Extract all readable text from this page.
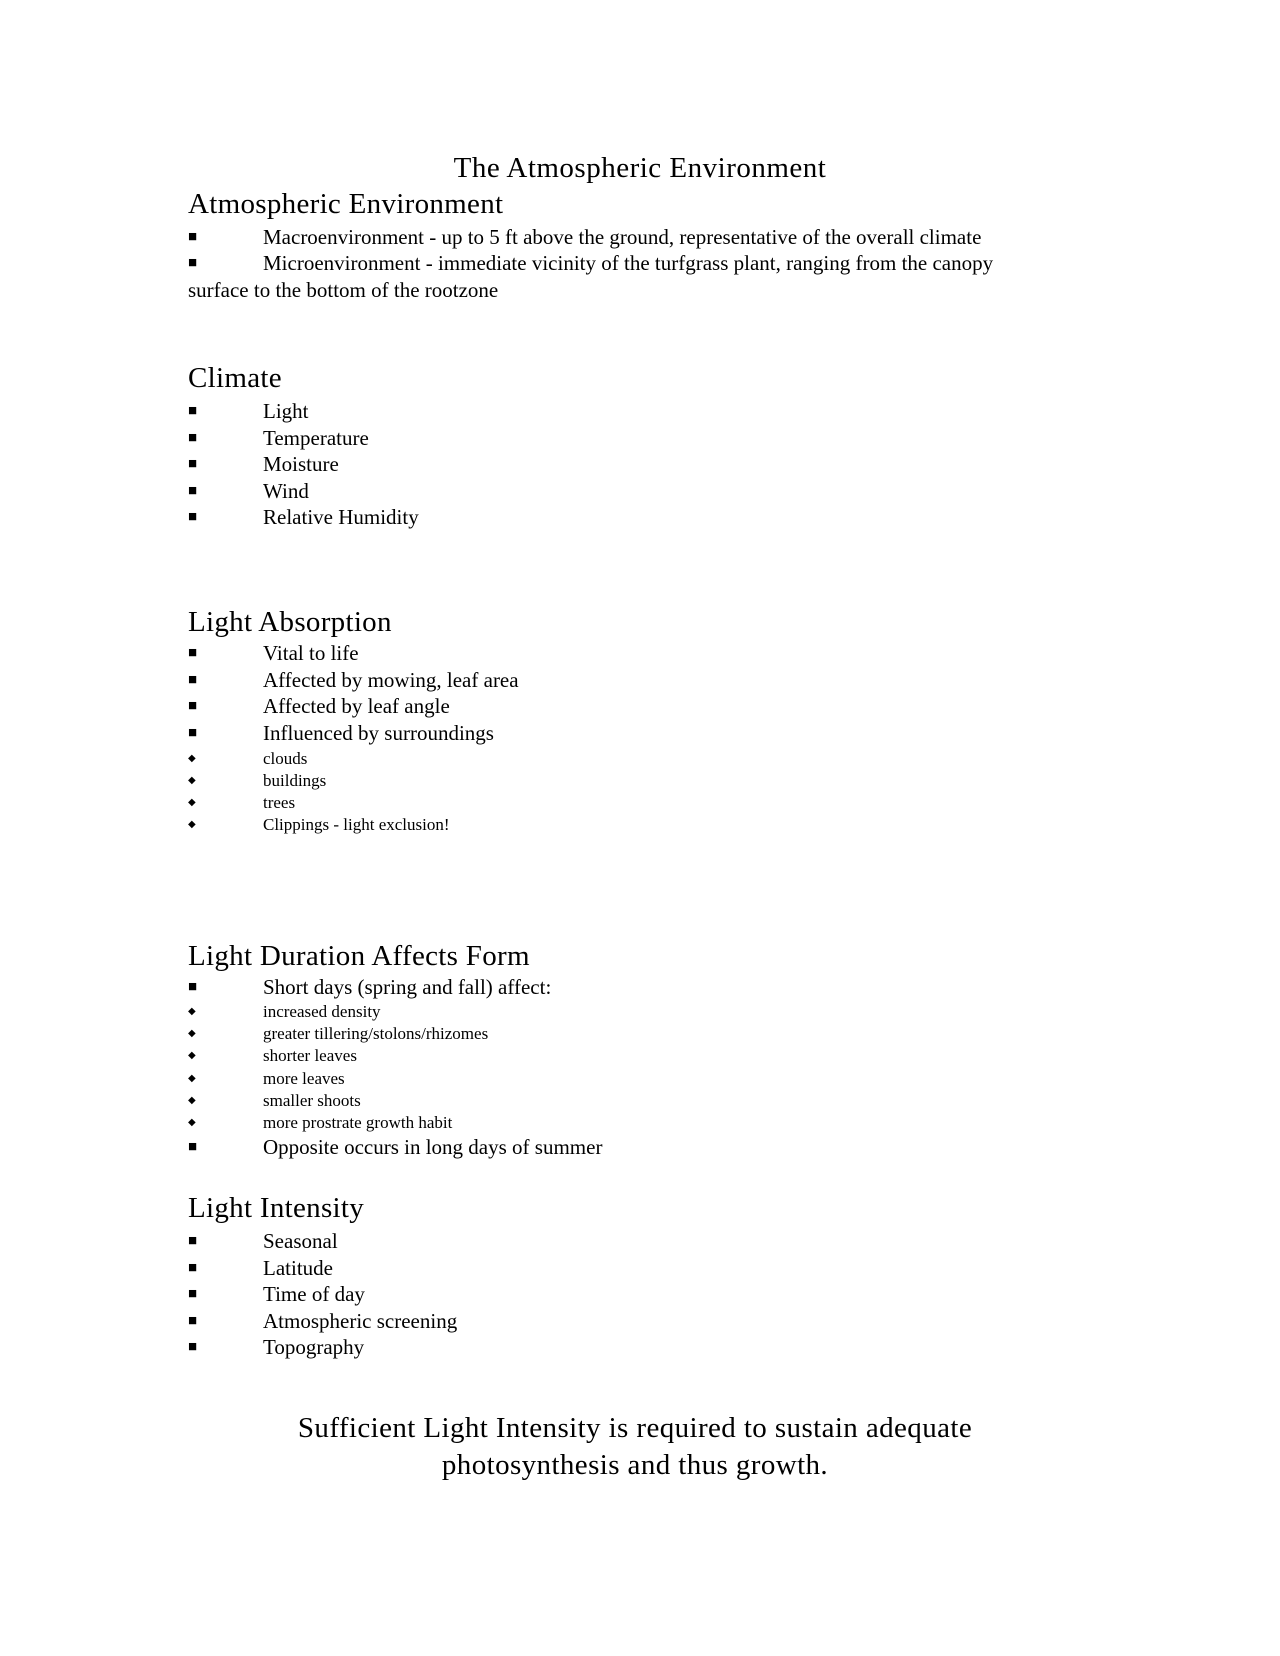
The Atmospheric Environment
Atmospheric Environment
■	Macroenvironment - up to 5 ft above the ground, representative of the overall climate
■	Microenvironment - immediate vicinity of the turfgrass plant, ranging from the canopy
surface to the bottom of the rootzone
Climate
■	Light
■	Temperature
■	Moisture
■	Wind
■	Relative Humidity
Light Absorption
■	Vital to life
■	Affected by mowing, leaf area
■	Affected by leaf angle
■	Influenced by surroundings
◆	clouds
◆	buildings
◆	trees
◆	Clippings - light exclusion!
Light Duration Affects Form
■	Short days (spring and fall) affect:
◆	increased density
◆	greater tillering/stolons/rhizomes
◆	shorter leaves
◆	more leaves
◆	smaller shoots
◆	more prostrate growth habit
■	Opposite occurs in long days of summer
Light Intensity
■	Seasonal
■	Latitude
■	Time of day
■	Atmospheric screening
■	Topography
Sufficient Light Intensity is required to sustain adequate
photosynthesis and thus growth.
